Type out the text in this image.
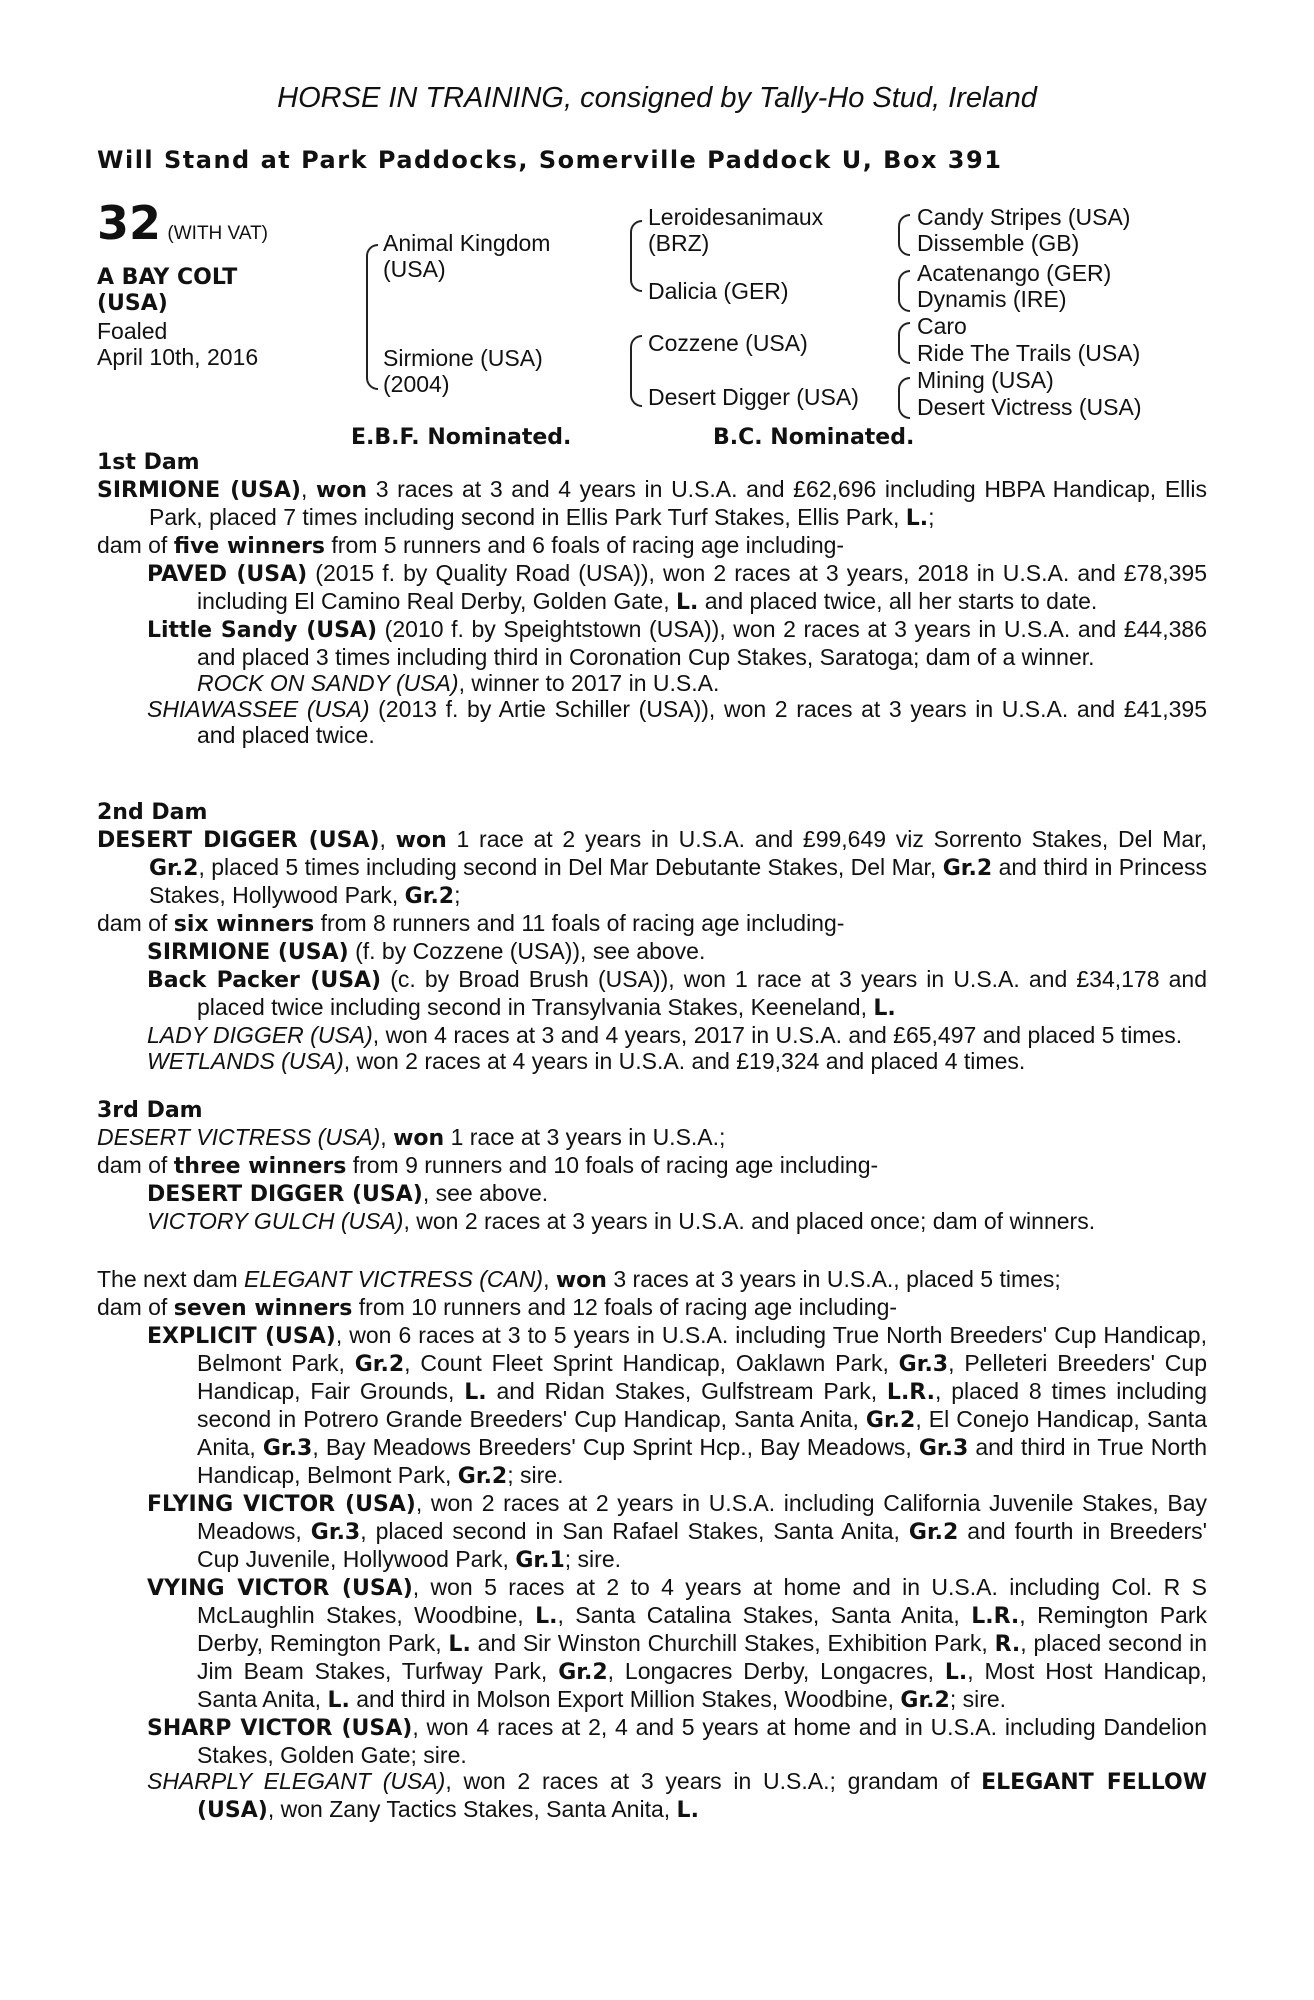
HORSE IN TRAINING, consigned by Tally-Ho Stud, Ireland
Will Stand at Park Paddocks, Somerville Paddock U, Box 391
32 (WITH VAT)
A BAY COLT
(USA)
Foaled
April 10th, 2016
Animal Kingdom
(USA)
Sirmione (USA)
(2004)
Leroidesanimaux
(BRZ)
Dalicia (GER)
Cozzene (USA)
Desert Digger (USA)
Candy Stripes (USA)
Dissemble (GB)
Acatenango (GER)
Dynamis (IRE)
Caro
Ride The Trails (USA)
Mining (USA)
Desert Victress (USA)
E.B.F. Nominated.	B.C. Nominated.

1st Dam

SIRMIONE (USA), won 3 races at 3 and 4 years in U.S.A. and £62,696 including HBPA Handicap, Ellis Park, placed 7 times including second in Ellis Park Turf Stakes, Ellis Park, L.;

dam of five winners from 5 runners and 6 foals of racing age including-

PAVED (USA) (2015 f. by Quality Road (USA)), won 2 races at 3 years, 2018 in U.S.A. and £78,395 including El Camino Real Derby, Golden Gate, L. and placed twice, all her starts to date.

Little Sandy (USA) (2010 f. by Speightstown (USA)), won 2 races at 3 years in U.S.A. and £44,386 and placed 3 times including third in Coronation Cup Stakes, Saratoga; dam of a winner.

ROCK ON SANDY (USA), winner to 2017 in U.S.A.

SHIAWASSEE (USA) (2013 f. by Artie Schiller (USA)), won 2 races at 3 years in U.S.A. and £41,395 and placed twice.

2nd Dam

DESERT DIGGER (USA), won 1 race at 2 years in U.S.A. and £99,649 viz Sorrento Stakes, Del Mar, Gr.2, placed 5 times including second in Del Mar Debutante Stakes, Del Mar, Gr.2 and third in Princess Stakes, Hollywood Park, Gr.2;

dam of six winners from 8 runners and 11 foals of racing age including-

SIRMIONE (USA) (f. by Cozzene (USA)), see above.

Back Packer (USA) (c. by Broad Brush (USA)), won 1 race at 3 years in U.S.A. and £34,178 and placed twice including second in Transylvania Stakes, Keeneland, L.

LADY DIGGER (USA), won 4 races at 3 and 4 years, 2017 in U.S.A. and £65,497 and placed 5 times.

WETLANDS (USA), won 2 races at 4 years in U.S.A. and £19,324 and placed 4 times.

3rd Dam

DESERT VICTRESS (USA), won 1 race at 3 years in U.S.A.;

dam of three winners from 9 runners and 10 foals of racing age including-

DESERT DIGGER (USA), see above.

VICTORY GULCH (USA), won 2 races at 3 years in U.S.A. and placed once; dam of winners.

The next dam ELEGANT VICTRESS (CAN), won 3 races at 3 years in U.S.A., placed 5 times;

dam of seven winners from 10 runners and 12 foals of racing age including-

EXPLICIT (USA), won 6 races at 3 to 5 years in U.S.A. including True North Breeders' Cup Handicap, Belmont Park, Gr.2, Count Fleet Sprint Handicap, Oaklawn Park, Gr.3, Pelleteri Breeders' Cup Handicap, Fair Grounds, L. and Ridan Stakes, Gulfstream Park, L.R., placed 8 times including second in Potrero Grande Breeders' Cup Handicap, Santa Anita, Gr.2, El Conejo Handicap, Santa Anita, Gr.3, Bay Meadows Breeders' Cup Sprint Hcp., Bay Meadows, Gr.3 and third in True North Handicap, Belmont Park, Gr.2; sire.

FLYING VICTOR (USA), won 2 races at 2 years in U.S.A. including California Juvenile Stakes, Bay Meadows, Gr.3, placed second in San Rafael Stakes, Santa Anita, Gr.2 and fourth in Breeders' Cup Juvenile, Hollywood Park, Gr.1; sire.

VYING VICTOR (USA), won 5 races at 2 to 4 years at home and in U.S.A. including Col. R S McLaughlin Stakes, Woodbine, L., Santa Catalina Stakes, Santa Anita, L.R., Remington Park Derby, Remington Park, L. and Sir Winston Churchill Stakes, Exhibition Park, R., placed second in Jim Beam Stakes, Turfway Park, Gr.2, Longacres Derby, Longacres, L., Most Host Handicap, Santa Anita, L. and third in Molson Export Million Stakes, Woodbine, Gr.2; sire.

SHARP VICTOR (USA), won 4 races at 2, 4 and 5 years at home and in U.S.A. including Dandelion Stakes, Golden Gate; sire.

SHARPLY ELEGANT (USA), won 2 races at 3 years in U.S.A.; grandam of ELEGANT FELLOW (USA), won Zany Tactics Stakes, Santa Anita, L.
